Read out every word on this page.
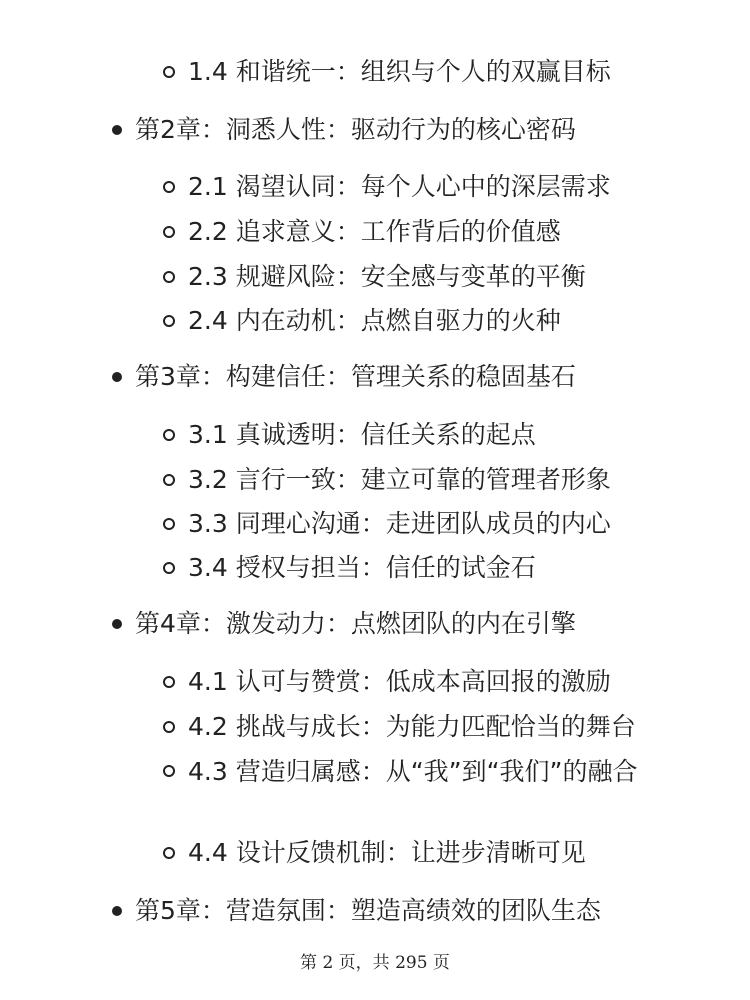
1.4 和谐统一：组织与个人的双赢目标
第2章：洞悉人性：驱动行为的核心密码
2.1 渴望认同：每个人心中的深层需求
2.2 追求意义：工作背后的价值感
2.3 规避风险：安全感与变革的平衡
2.4 内在动机：点燃自驱力的火种
第3章：构建信任：管理关系的稳固基石
3.1 真诚透明：信任关系的起点
3.2 言行一致：建立可靠的管理者形象
3.3 同理心沟通：走进团队成员的内心
3.4 授权与担当：信任的试金石
第4章：激发动力：点燃团队的内在引擎
4.1 认可与赞赏：低成本高回报的激励
4.2 挑战与成长：为能力匹配恰当的舞台
4.3 营造归属感：从“我”到“我们”的融合
4.4 设计反馈机制：让进步清晰可见
第5章：营造氛围：塑造高绩效的团队生态
第 2 页，共 295 页
